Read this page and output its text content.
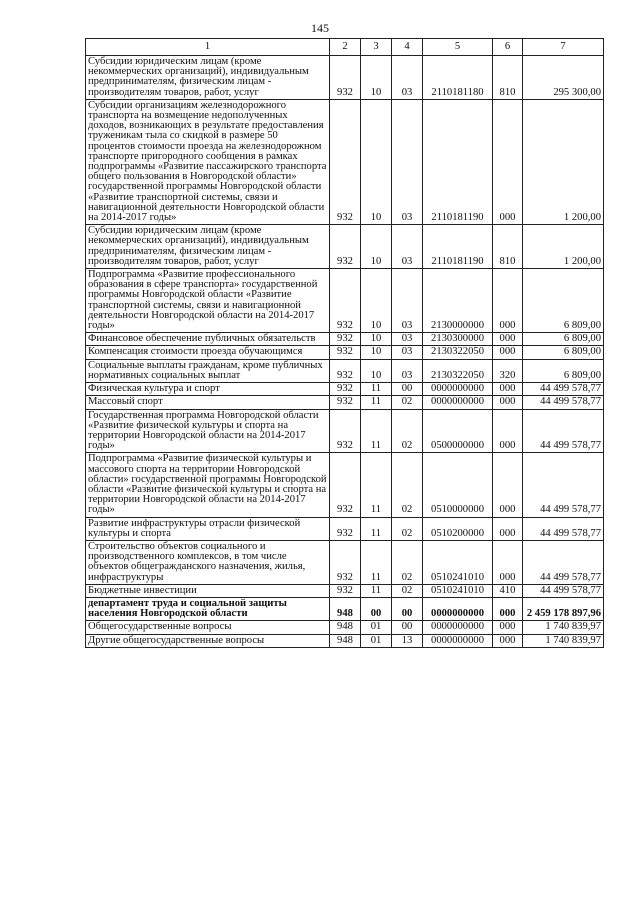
145
1	2	3	4	5	6	7
Субсидии юридическим лицам (кроме некоммерческих организаций), индивидуальным предпринимателям, физическим лицам - производителям товаров, работ, услуг	932	10	03	2110181180	810	295 300,00
Субсидии организациям железнодорожного транспорта на возмещение недополученных доходов, возникающих в результате предоставления труженикам тыла со скидкой в размере 50 процентов стоимости проезда на железнодорожном транспорте пригородного сообщения в рамках подпрограммы «Развитие пассажирского транспорта общего пользования в Новгородской области» государственной программы Новгородской области «Развитие транспортной системы, связи и навигационной деятельности Новгородской области на 2014-2017 годы»	932	10	03	2110181190	000	1 200,00
Субсидии юридическим лицам (кроме некоммерческих организаций), индивидуальным предпринимателям, физическим лицам - производителям товаров, работ, услуг	932	10	03	2110181190	810	1 200,00
Подпрограмма «Развитие профессионального образования в сфере транспорта» государственной программы Новгородской области «Развитие транспортной системы, связи и навигационной деятельности Новгородской области на 2014-2017 годы»	932	10	03	2130000000	000	6 809,00
Финансовое обеспечение публичных обязательств	932	10	03	2130300000	000	6 809,00
Компенсация стоимости проезда обучающимся	932	10	03	2130322050	000	6 809,00
Социальные выплаты гражданам, кроме публичных нормативных социальных выплат	932	10	03	2130322050	320	6 809,00
Физическая культура и спорт	932	11	00	0000000000	000	44 499 578,77
Массовый спорт	932	11	02	0000000000	000	44 499 578,77
Государственная программа Новгородской области «Развитие физической культуры и спорта на территории Новгородской области на 2014-2017 годы»	932	11	02	0500000000	000	44 499 578,77
Подпрограмма «Развитие физической культуры и массового спорта на территории Новгородской области» государственной программы Новгородской области «Развитие физической культуры и спорта на территории Новгородской области на 2014-2017 годы»	932	11	02	0510000000	000	44 499 578,77
Развитие инфраструктуры отрасли физической культуры и спорта	932	11	02	0510200000	000	44 499 578,77
Строительство объектов социального и производственного комплексов, в том числе объектов общегражданского назначения, жилья, инфраструктуры	932	11	02	0510241010	000	44 499 578,77
Бюджетные инвестиции	932	11	02	0510241010	410	44 499 578,77
департамент труда и социальной защиты населения Новгородской области	948	00	00	0000000000	000	2 459 178 897,96
Общегосударственные вопросы	948	01	00	0000000000	000	1 740 839,97
Другие общегосударственные вопросы	948	01	13	0000000000	000	1 740 839,97
